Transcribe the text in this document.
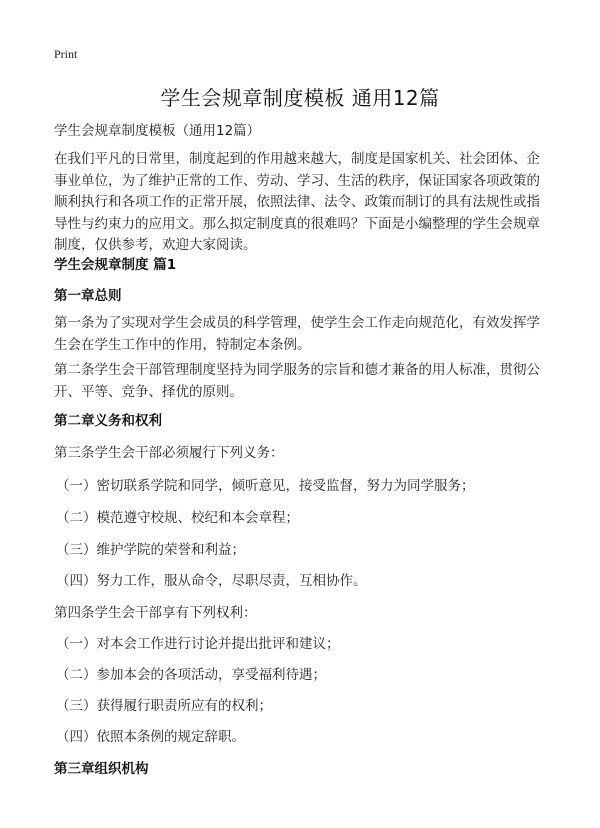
Print
学生会规章制度模板 通用12篇
学生会规章制度模板（通用12篇）
在我们平凡的日常里，制度起到的作用越来越大，制度是国家机关、社会团体、企事业单位，为了维护正常的工作、劳动、学习、生活的秩序，保证国家各项政策的顺利执行和各项工作的正常开展，依照法律、法令、政策而制订的具有法规性或指导性与约束力的应用文。那么拟定制度真的很难吗？下面是小编整理的学生会规章制度，仅供参考，欢迎大家阅读。
学生会规章制度 篇1
第一章总则
第一条为了实现对学生会成员的科学管理，使学生会工作走向规范化，有效发挥学生会在学生工作中的作用，特制定本条例。
第二条学生会干部管理制度坚持为同学服务的宗旨和德才兼备的用人标准，贯彻公开、平等、竞争、择优的原则。
第二章义务和权利
第三条学生会干部必须履行下列义务：
（一）密切联系学院和同学，倾听意见，接受监督，努力为同学服务；
（二）模范遵守校规、校纪和本会章程；
（三）维护学院的荣誉和利益；
（四）努力工作，服从命令，尽职尽责，互相协作。
第四条学生会干部享有下列权利：
（一）对本会工作进行讨论并提出批评和建议；
（二）参加本会的各项活动，享受福利待遇；
（三）获得履行职责所应有的权利；
（四）依照本条例的规定辞职。
第三章组织机构
